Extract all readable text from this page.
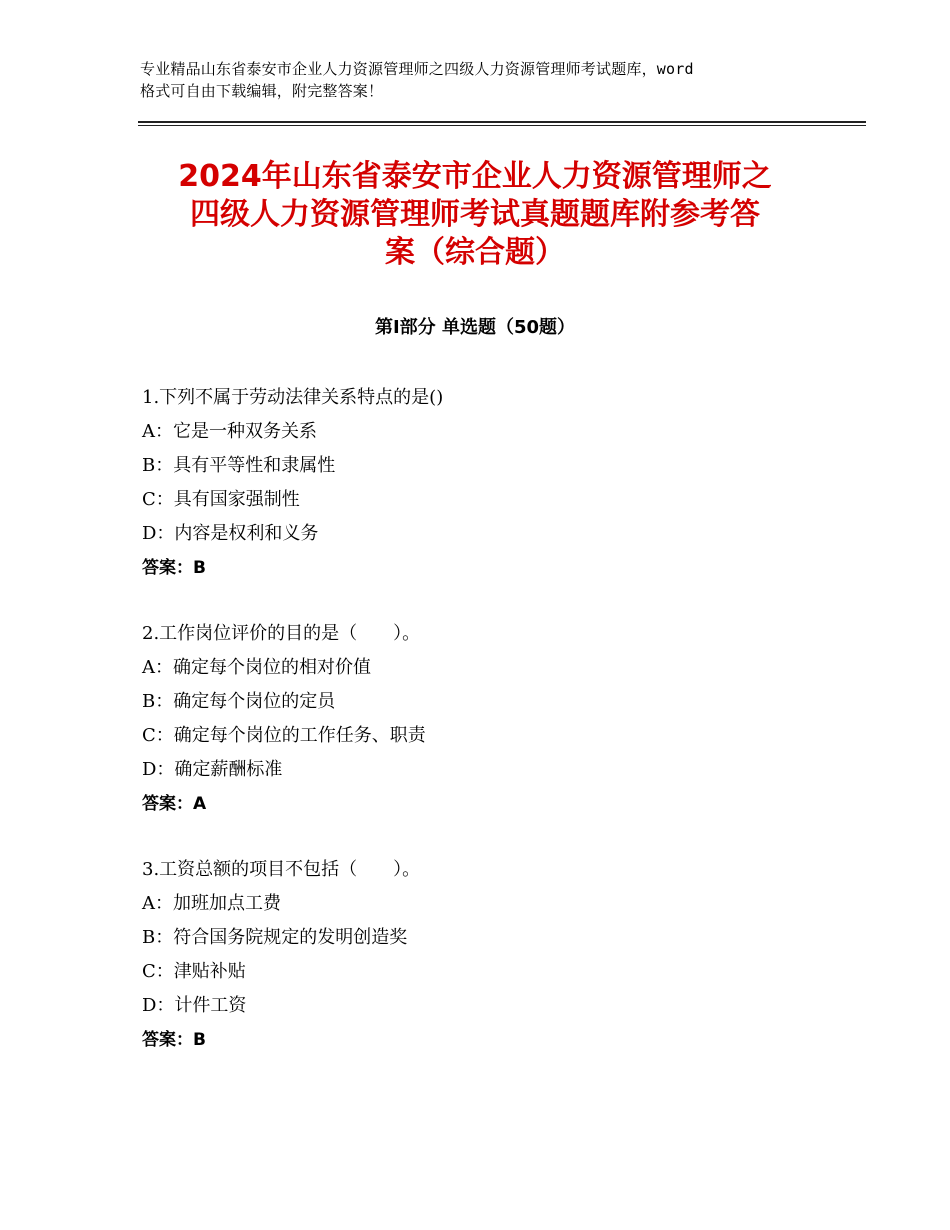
专业精品山东省泰安市企业人力资源管理师之四级人力资源管理师考试题库，word
格式可自由下载编辑，附完整答案！
2024年山东省泰安市企业人力资源管理师之
四级人力资源管理师考试真题题库附参考答
案（综合题）
第Ⅰ部分 单选题（50题）
1.下列不属于劳动法律关系特点的是()
A：它是一种双务关系
B：具有平等性和隶属性
C：具有国家强制性
D：内容是权利和义务
答案：B
2.工作岗位评价的目的是（　　）。
A：确定每个岗位的相对价值
B：确定每个岗位的定员
C：确定每个岗位的工作任务、职责
D：确定薪酬标准
答案：A
3.工资总额的项目不包括（　　）。
A：加班加点工费
B：符合国务院规定的发明创造奖
C：津贴补贴
D：计件工资
答案：B
